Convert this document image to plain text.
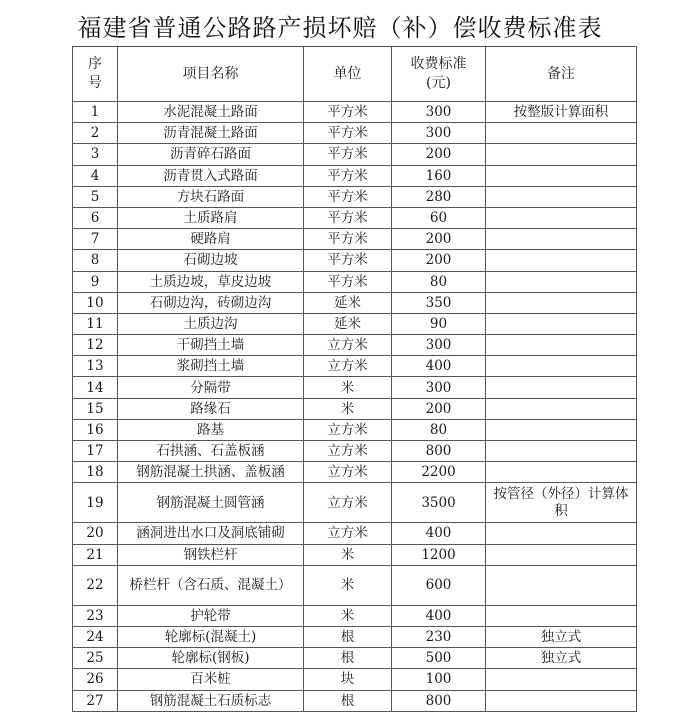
福建省普通公路路产损坏赔（补）偿收费标准表
序号	项目名称	单位	收费标准(元)	备注
1	水泥混凝土路面	平方米	300	按整版计算面积
2	沥青混凝土路面	平方米	300	
3	沥青碎石路面	平方米	200	
4	沥青贯入式路面	平方米	160	
5	方块石路面	平方米	280	
6	土质路肩	平方米	60	
7	硬路肩	平方米	200	
8	石砌边坡	平方米	200	
9	土质边坡，草皮边坡	平方米	80	
10	石砌边沟，砖砌边沟	延米	350	
11	土质边沟	延米	90	
12	干砌挡土墙	立方米	300	
13	浆砌挡土墙	立方米	400	
14	分隔带	米	300	
15	路缘石	米	200	
16	路基	立方米	80	
17	石拱涵、石盖板涵	立方米	800	
18	钢筋混凝土拱涵、盖板涵	立方米	2200	
19	钢筋混凝土圆管涵	立方米	3500	按管径（外径）计算体积
20	涵洞进出水口及洞底铺砌	立方米	400	
21	钢铁栏杆	米	1200	
22	桥栏杆（含石质、混凝土）	米	600	
23	护轮带	米	400	
24	轮廓标(混凝土)	根	230	独立式
25	轮廓标(钢板)	根	500	独立式
26	百米桩	块	100	
27	钢筋混凝土石质标志	根	800	
